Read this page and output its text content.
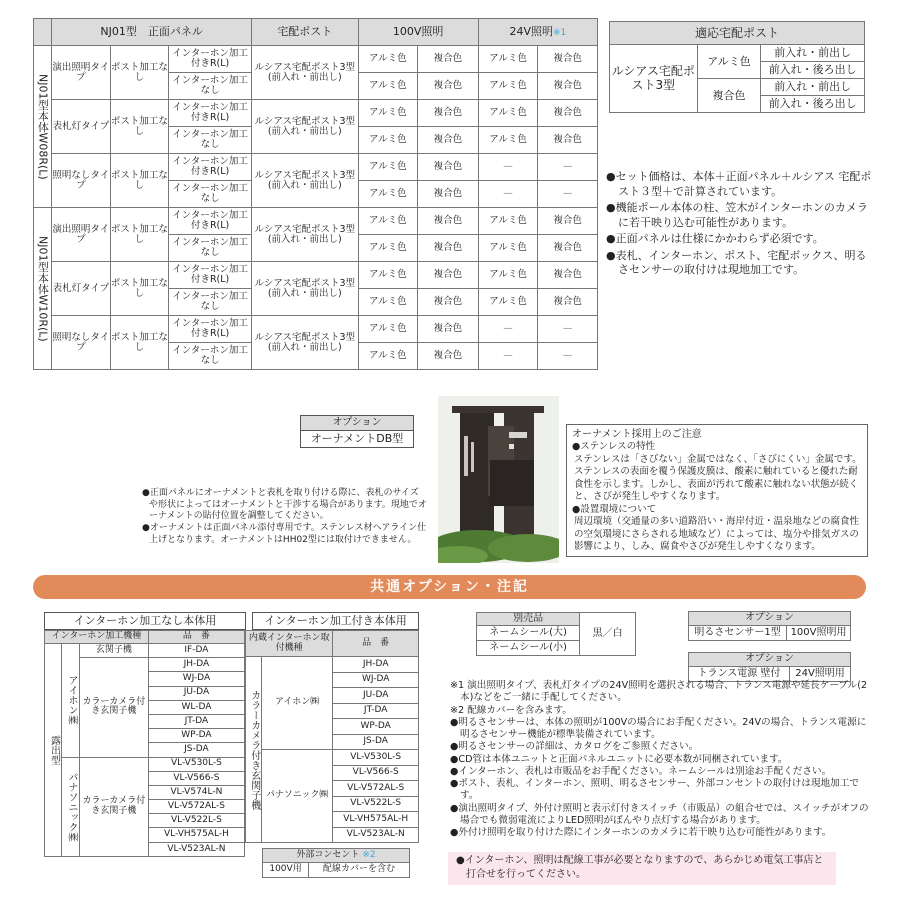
	NJ01型　正面パネル			宅配ポスト	100V照明		24V照明※1	
NJ01型本体W08R(L)	演出照明タイプ	ポスト加工なし	インターホン加工付きR(L)	ルシアス宅配ポスト3型(前入れ・前出し)	アルミ色	複合色	アルミ色	複合色
			インターホン加工なし		アルミ色	複合色	アルミ色	複合色
	表札灯タイプ	ポスト加工なし	インターホン加工付きR(L)	ルシアス宅配ポスト3型(前入れ・前出し)	アルミ色	複合色	アルミ色	複合色
			インターホン加工なし		アルミ色	複合色	アルミ色	複合色
	照明なしタイプ	ポスト加工なし	インターホン加工付きR(L)	ルシアス宅配ポスト3型(前入れ・前出し)	アルミ色	複合色	—	—
			インターホン加工なし		アルミ色	複合色	—	—
NJ01型本体W10R(L)	演出照明タイプ	ポスト加工なし	インターホン加工付きR(L)	ルシアス宅配ポスト3型(前入れ・前出し)	アルミ色	複合色	アルミ色	複合色
			インターホン加工なし		アルミ色	複合色	アルミ色	複合色
	表札灯タイプ	ポスト加工なし	インターホン加工付きR(L)	ルシアス宅配ポスト3型(前入れ・前出し)	アルミ色	複合色	アルミ色	複合色
			インターホン加工なし		アルミ色	複合色	アルミ色	複合色
	照明なしタイプ	ポスト加工なし	インターホン加工付きR(L)	ルシアス宅配ポスト3型(前入れ・前出し)	アルミ色	複合色	—	—
			インターホン加工なし		アルミ色	複合色	—	—
適応宅配ポスト		
ルシアス宅配ポスト3型	アルミ色	前入れ・前出し
		前入れ・後ろ出し
	複合色	前入れ・前出し
		前入れ・後ろ出し
●セット価格は、本体＋正面パネル＋ルシアス 宅配ポスト３型＋で計算されています。
●機能ポール本体の柱、笠木がインターホンのカメラに若干映り込む可能性があります。
●正面パネルは仕様にかかわらず必須です。
●表札、インターホン、ポスト、宅配ボックス、明るさセンサーの取付けは現地加工です。
オプション
オーナメントDB型
●正面パネルにオーナメントと表札を取り付ける際に、表札のサイズや形状によってはオーナメントと干渉する場合があります。現地でオーナメントの貼付位置を調整してください。
●オーナメントは正面パネル添付専用です。ステンレス材ヘアライン仕上げとなります。オーナメントはHH02型には取付けできません。
オーナメント採用上のご注意
●ステンレスの特性
ステンレスは「さびない」金属ではなく、「さびにくい」金属です。ステンレスの表面を覆う保護皮膜は、酸素に触れていると優れた耐食性を示します。しかし、表面が汚れて酸素に触れない状態が続くと、さびが発生しやすくなります。
●設置環境について
周辺環境（交通量の多い道路沿い・海岸付近・温泉地などの腐食性の空気環境にさらされる地域など）によっては、塩分や排気ガスの影響により、しみ、腐食やさびが発生しやすくなります。
共通オプション・注記
インターホン加工なし本体用
インターホン加工機種			品　番
露出型	アイホン㈱	玄関子機	IF-DA
		カラーカメラ付き玄関子機	JH-DA
			WJ-DA
			JU-DA
			WL-DA
			JT-DA
			WP-DA
			JS-DA
	パナソニック㈱	カラーカメラ付き玄関子機	VL-V530L-S
			VL-V566-S
			VL-V574L-N
			VL-V572AL-S
			VL-V522L-S
			VL-VH575AL-H
			VL-V523AL-N
インターホン加工付き本体用
内蔵インターホン取付機種		品　番
カラーカメラ付き玄関子機	アイホン㈱	JH-DA
		WJ-DA
		JU-DA
		JT-DA
		WP-DA
		JS-DA
	パナソニック㈱	VL-V530L-S
		VL-V566-S
		VL-V572AL-S
		VL-V522L-S
		VL-VH575AL-H
		VL-V523AL-N
外部コンセント ※2
100V用	配線カバーを含む
別売品	黒／白
ネームシール(大)
ネームシール(小)
オプション
明るさセンサー1型	100V照明用
オプション
トランス電源 壁付	24V照明用
※1 演出照明タイプ、表札灯タイプの24V照明を選択される場合、トランス電源や延長ケーブル(2本)などをご一緒に手配してください。
※2 配線カバーを含みます。
●明るさセンサーは、本体の照明が100Vの場合にお手配ください。24Vの場合、トランス電源に明るさセンサー機能が標準装備されています。
●明るさセンサーの詳細は、カタログをご参照ください。
●CD管は本体ユニットと正面パネルユニットに必要本数が同梱されています。
●インターホン、表札は市販品をお手配ください。ネームシールは別途お手配ください。
●ポスト、表札、インターホン、照明、明るさセンサー、外部コンセントの取付けは現地加工です。
●演出照明タイプ、外付け照明と表示灯付きスイッチ（市販品）の組合せでは、スイッチがオフの場合でも微弱電流によりLED照明がぼんやり点灯する場合があります。
●外付け照明を取り付けた際にインターホンのカメラに若干映り込む可能性があります。
●インターホン、照明は配線工事が必要となりますので、あらかじめ電気工事店と打合せを行ってください。
